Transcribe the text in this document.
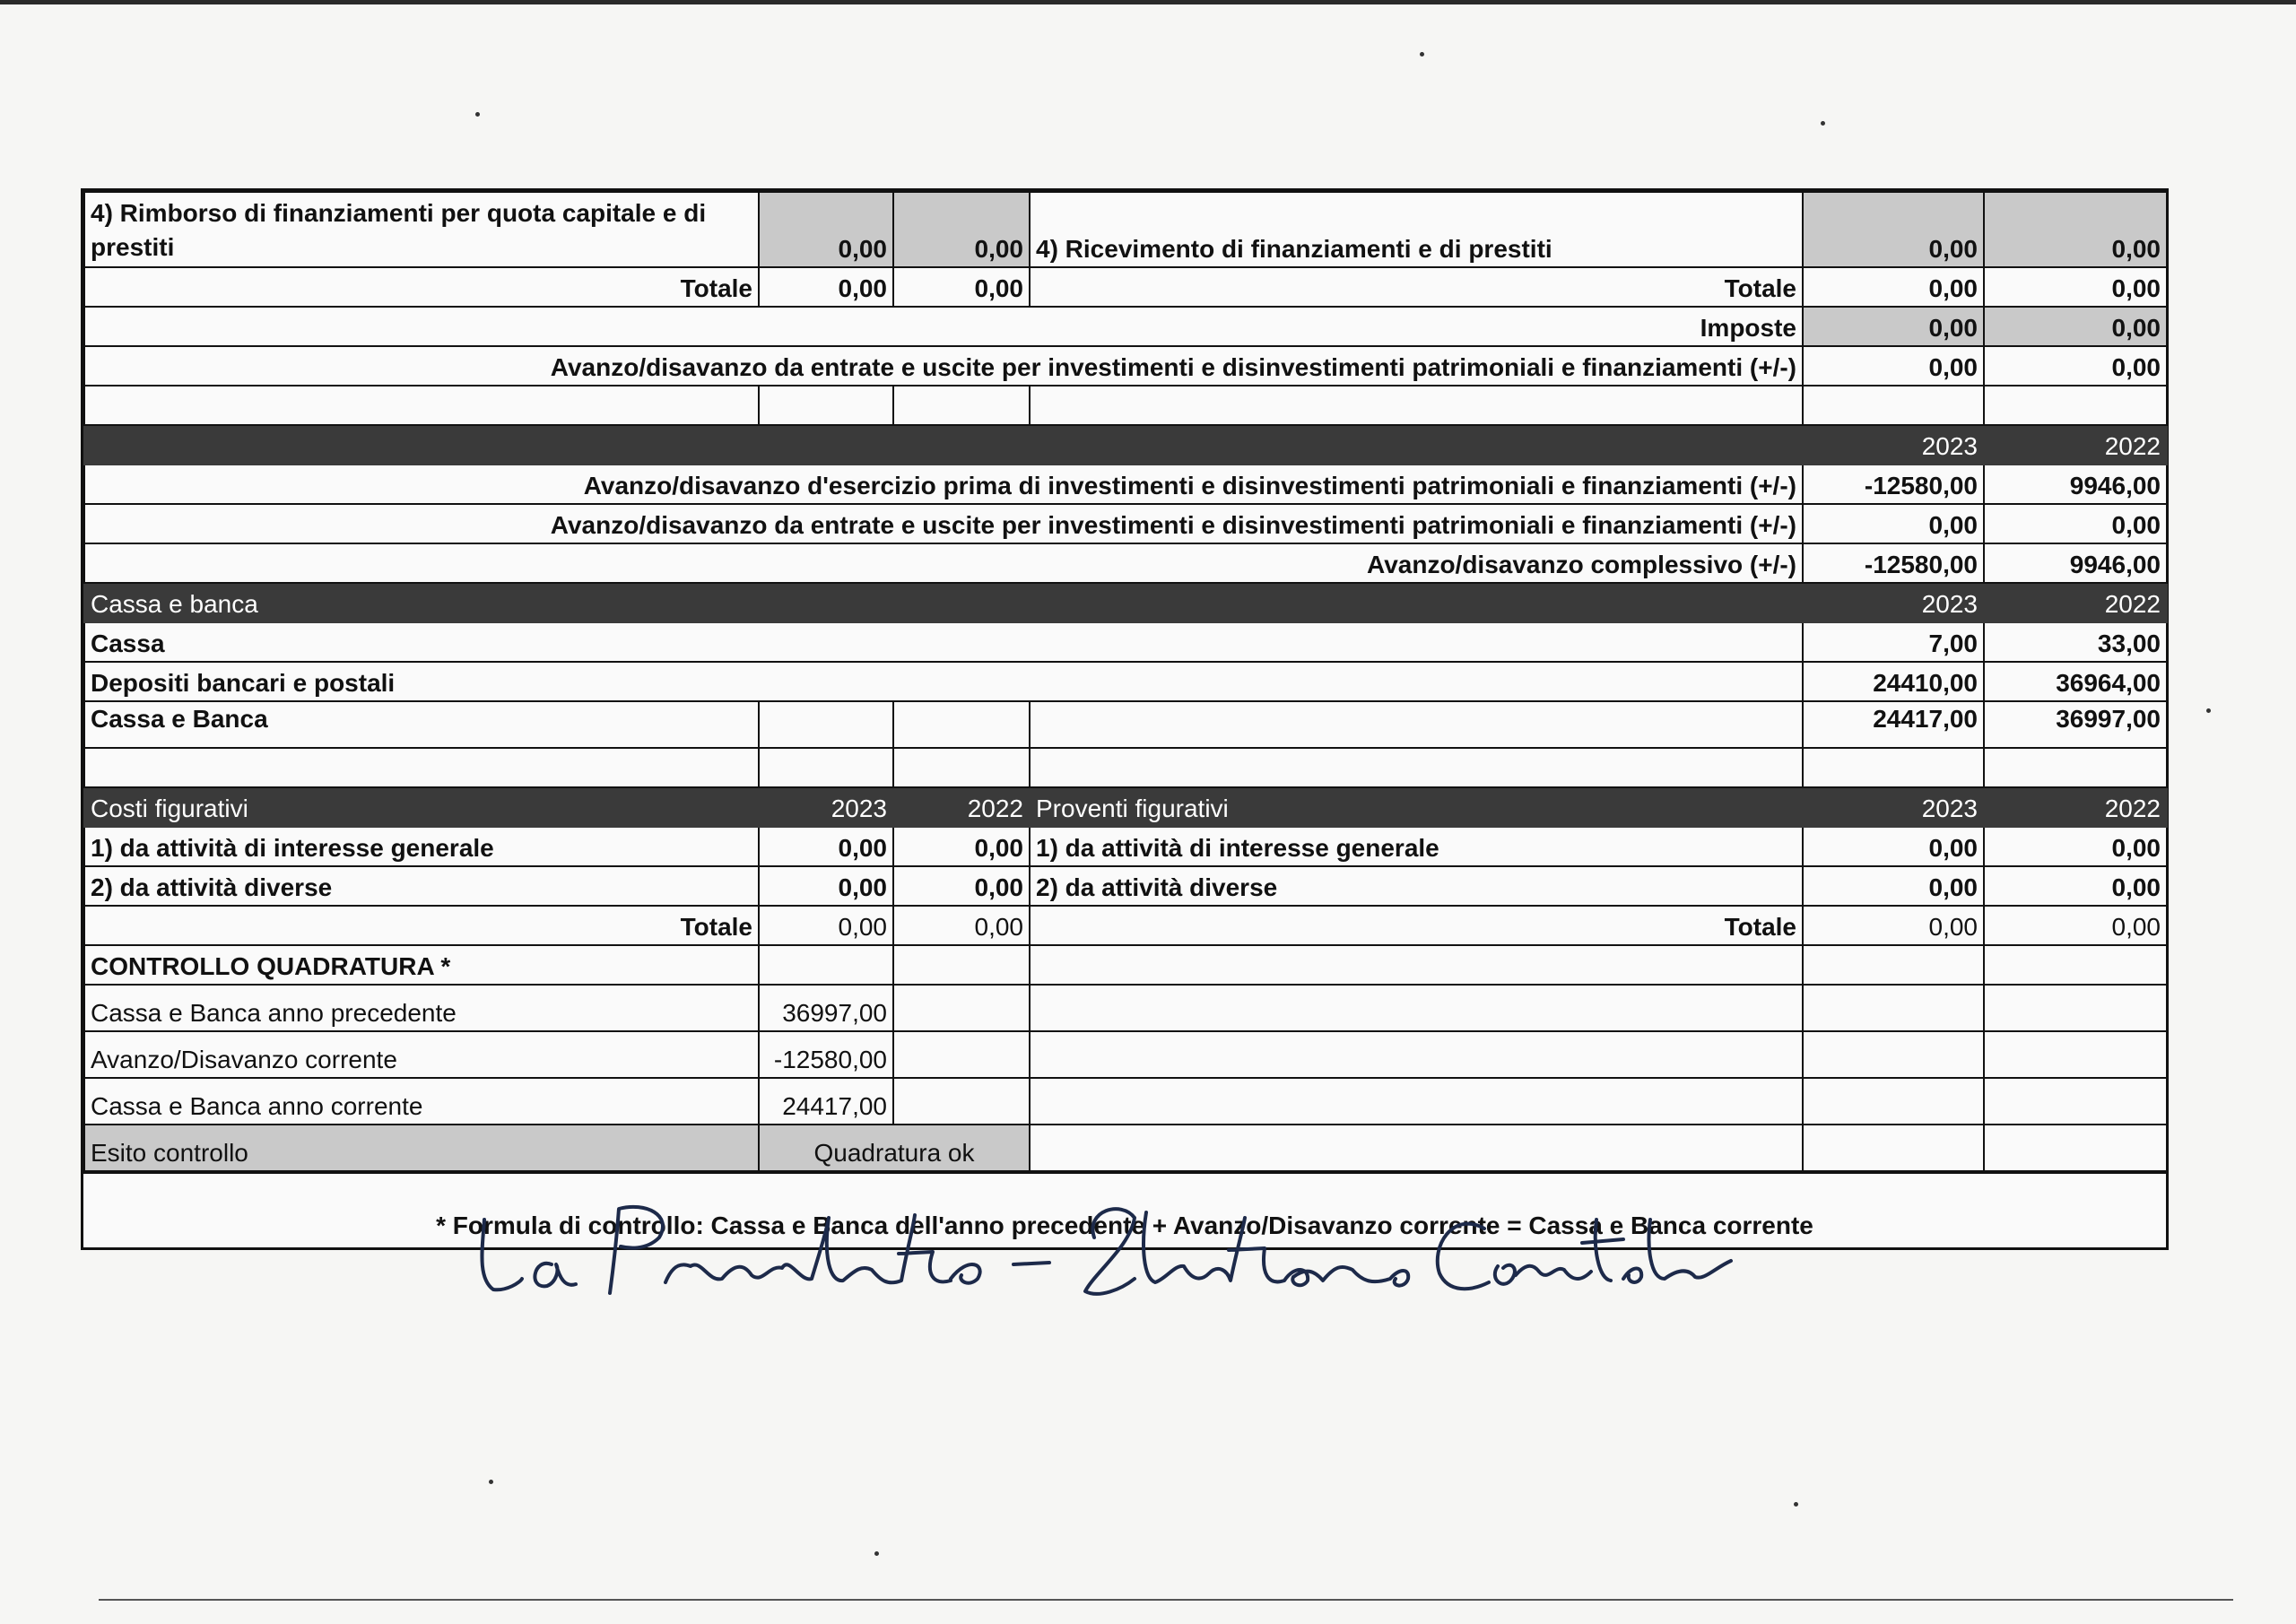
4) Rimborso di finanziamenti per quota capitale e di prestiti	0,00	0,00	4) Ricevimento di finanziamenti e di prestiti	0,00	0,00
Totale	0,00	0,00	Totale	0,00	0,00
Imposte				0,00	0,00
Avanzo/disavanzo da entrate e uscite per investimenti e disinvestimenti patrimoniali e finanziamenti (+/-)				0,00	0,00

				2023	2022
Avanzo/disavanzo d'esercizio prima di investimenti e disinvestimenti patrimoniali e finanziamenti (+/-)				-12580,00	9946,00
Avanzo/disavanzo da entrate e uscite per investimenti e disinvestimenti patrimoniali e finanziamenti (+/-)				0,00	0,00
Avanzo/disavanzo complessivo (+/-)				-12580,00	9946,00
Cassa e banca				2023	2022
Cassa				7,00	33,00
Depositi bancari e postali				24410,00	36964,00
Cassa e Banca				24417,00	36997,00

Costi figurativi	2023	2022	Proventi figurativi	2023	2022
1) da attività di interesse generale	0,00	0,00	1) da attività di interesse generale	0,00	0,00
2) da attività diverse	0,00	0,00	2) da attività diverse	0,00	0,00
Totale	0,00	0,00	Totale	0,00	0,00
CONTROLLO QUADRATURA *					
Cassa e Banca anno precedente	36997,00				
Avanzo/Disavanzo corrente	-12580,00				
Cassa e Banca anno corrente	24417,00				
Esito controllo	Quadratura ok				
* Formula di controllo: Cassa e Banca dell'anno precedente + Avanzo/Disavanzo corrente = Cassa e Banca corrente
